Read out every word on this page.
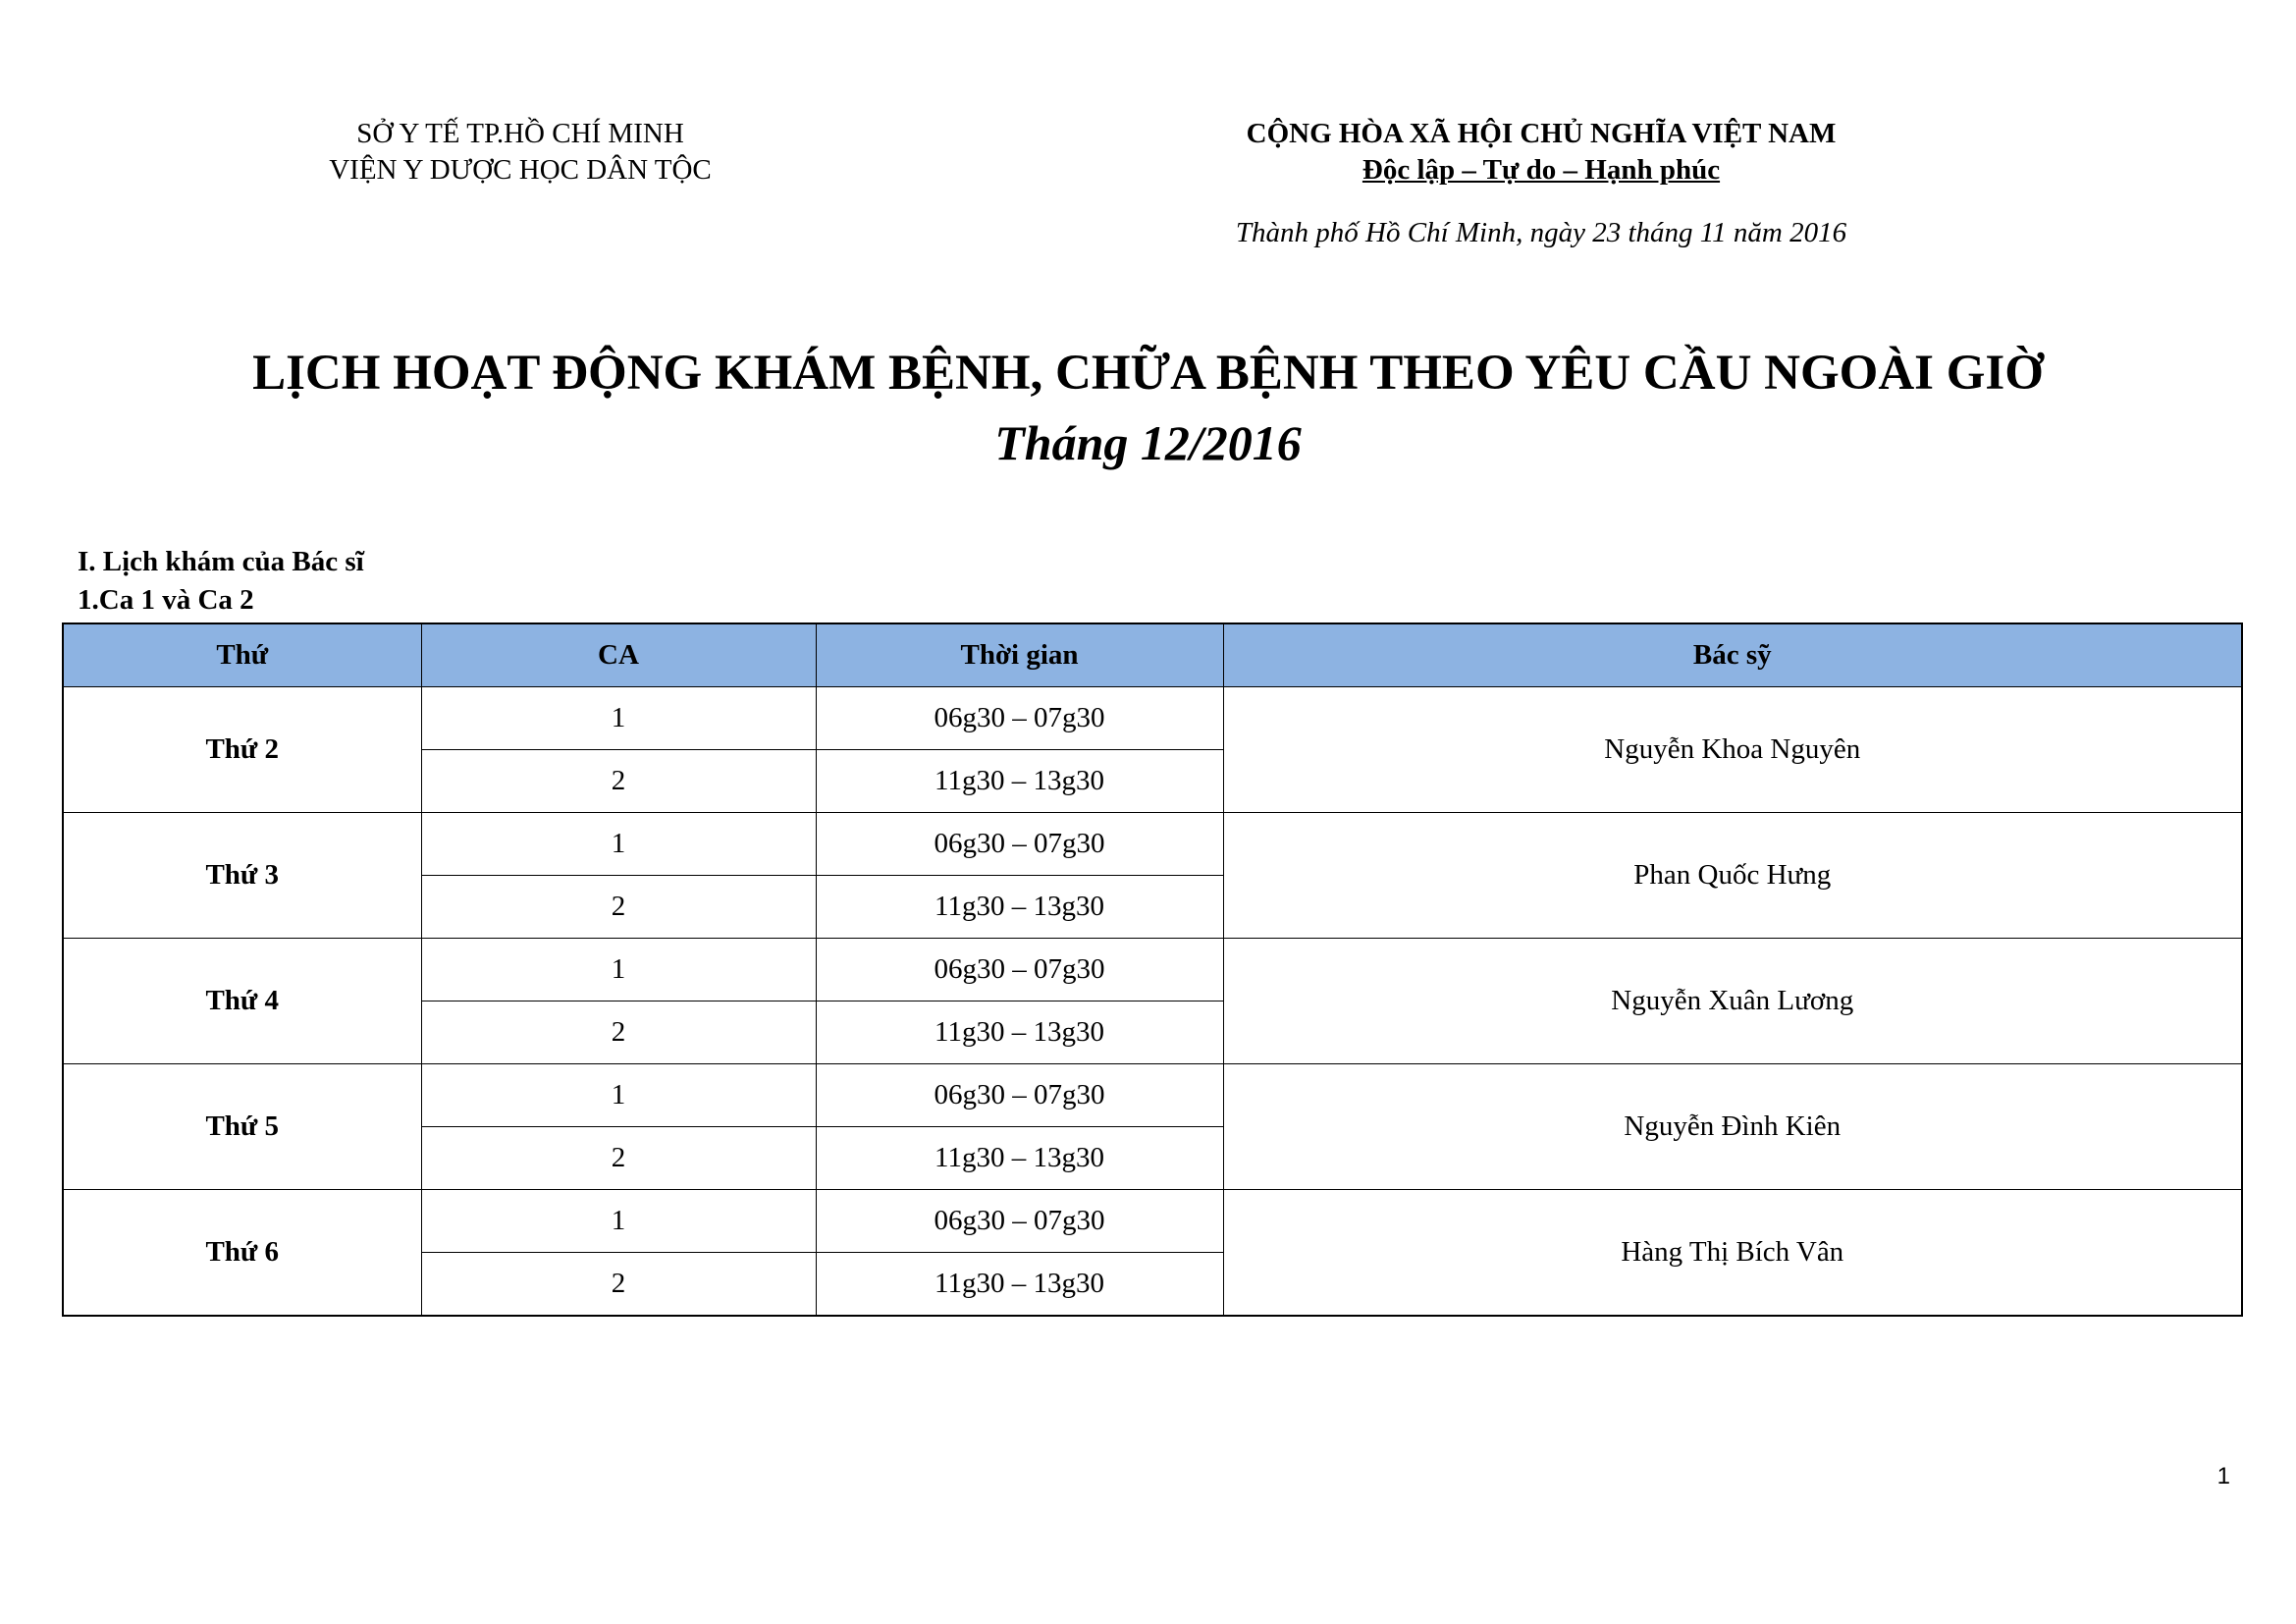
SỞ Y TẾ TP.HỒ CHÍ MINH
VIỆN Y DƯỢC HỌC DÂN TỘC
CỘNG HÒA XÃ HỘI CHỦ NGHĨA VIỆT NAM
Độc lập – Tự do – Hạnh phúc
Thành phố Hồ Chí Minh, ngày 23 tháng 11 năm 2016
LỊCH HOẠT ĐỘNG KHÁM BỆNH, CHỮA BỆNH THEO YÊU CẦU NGOÀI GIỜ
Tháng 12/2016
I. Lịch khám của Bác sĩ
1.Ca 1 và Ca 2
Thứ	CA	Thời gian	Bác sỹ
Thứ 2	1	06g30 – 07g30	Nguyễn Khoa Nguyên
	2	11g30 – 13g30	
Thứ 3	1	06g30 – 07g30	Phan Quốc Hưng
	2	11g30 – 13g30	
Thứ 4	1	06g30 – 07g30	Nguyễn Xuân Lương
	2	11g30 – 13g30	
Thứ 5	1	06g30 – 07g30	Nguyễn Đình Kiên
	2	11g30 – 13g30	
Thứ 6	1	06g30 – 07g30	Hàng Thị Bích Vân
	2	11g30 – 13g30	
1
